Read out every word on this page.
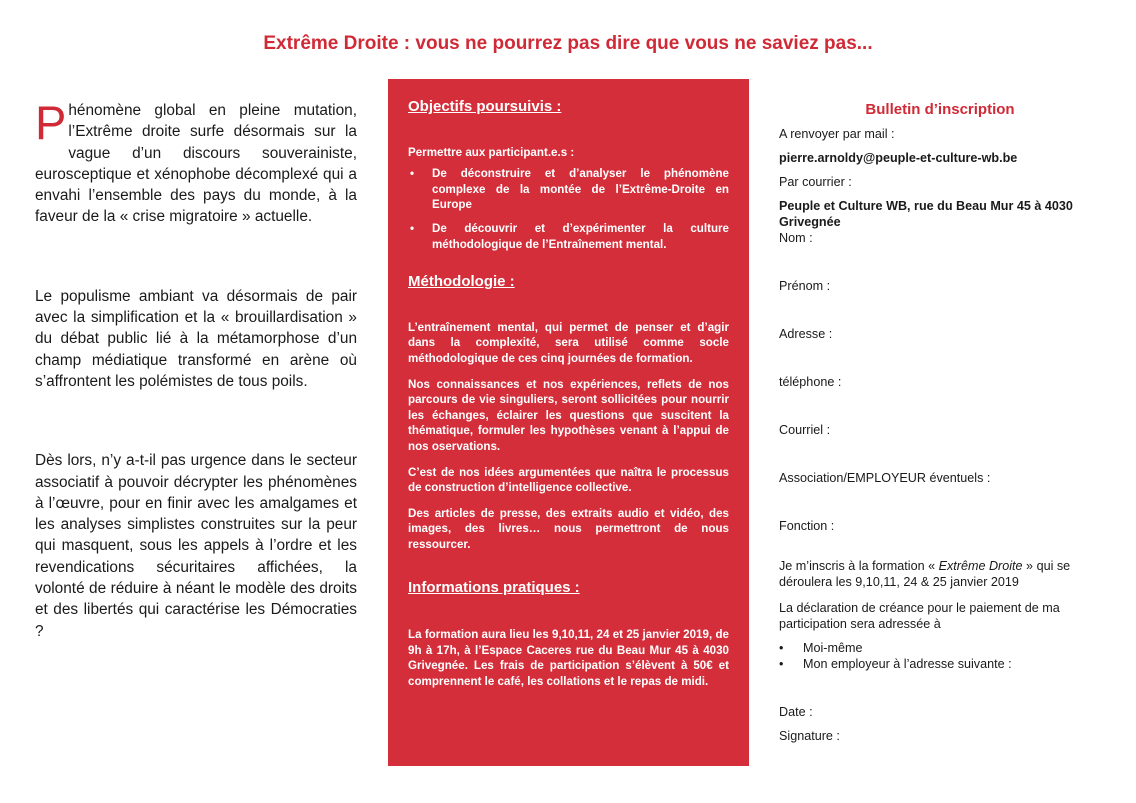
Extrême Droite : vous ne pourrez pas dire que vous ne saviez pas...

Phénomène global en pleine mutation, l’Extrême droite surfe désormais sur la vague d’un discours souverainiste, eurosceptique et xénophobe décomplexé qui a envahi l’ensemble des pays du monde, à la faveur de la « crise migratoire » actuelle.

Le populisme ambiant va désormais de pair avec la simplification et la « brouillardisation » du débat public lié à la métamorphose d’un champ médiatique transformé en arène où s’affrontent les polémistes de tous poils.

Dès lors, n’y a-t-il pas urgence dans le secteur associatif à pouvoir décrypter les phénomènes à l’œuvre, pour en finir avec les amalgames et les analyses simplistes construites sur la peur qui masquent, sous les appels à l’ordre et les revendications sécuritaires affichées, la volonté de réduire à néant le modèle des droits et des libertés qui caractérise les Démocraties ?

Objectifs poursuivis :

Permettre aux participant.e.s :

• De déconstruire et d’analyser le phénomène complexe de la montée de l’Extrême-Droite en Europe
• De découvrir et d’expérimenter la culture méthodologique de l’Entraînement mental.
Méthodologie :

L’entraînement mental, qui permet de penser et d’agir dans la complexité, sera utilisé comme socle méthodologique de ces cinq journées de formation.

Nos connaissances et nos expériences, reflets de nos parcours de vie singuliers, seront sollicitées pour nourrir les échanges, éclairer les questions que suscitent la thématique, formuler les hypothèses venant à l’appui de nos oservations.

C’est de nos idées argumentées que naîtra le processus de construction d’intelligence collective.

Des articles de presse, des extraits audio et vidéo, des images, des livres… nous permettront de nous ressourcer.

Informations pratiques :

La formation aura lieu les 9,10,11, 24 et 25 janvier 2019, de 9h à 17h, à l’Espace Caceres rue du Beau Mur 45 à 4030 Grivegnée. Les frais de participation s’élèvent à 50€ et comprennent le café, les collations et le repas de midi.

Bulletin d’inscription

A renvoyer par mail :

pierre.arnoldy@peuple-et-culture-wb.be

Par courrier :

Peuple et Culture WB, rue du Beau Mur 45 à 4030 Grivegnée

Nom :
Prénom :
Adresse :
téléphone :
Courriel :
Association/EMPLOYEUR éventuels :
Fonction :

Je m’inscris à la formation « Extrême Droite » qui se déroulera les 9,10,11, 24 & 25 janvier 2019

La déclaration de créance pour le paiement de ma participation sera adressée à

• Moi-même
• Mon employeur à l’adresse suivante :

Date :

Signature :
